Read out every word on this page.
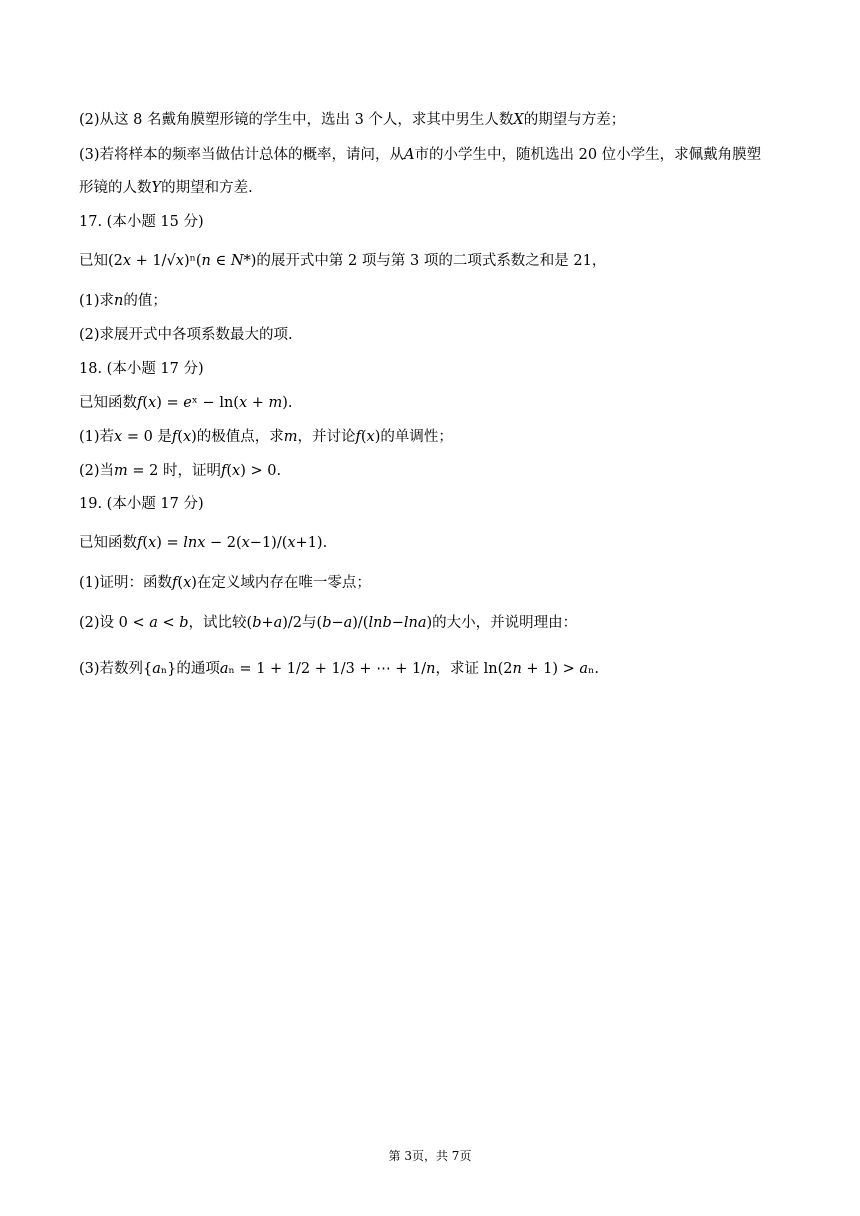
(2)从这 8 名戴角膜塑形镜的学生中，选出 3 个人，求其中男生人数𝑋的期望与方差；
(3)若将样本的频率当做估计总体的概率，请问，从𝐴市的小学生中，随机选出 20 位小学生，求佩戴角膜塑
形镜的人数𝑌的期望和方差.
17. (本小题 15 分)
已知(2𝑥 + 1/√𝑥)ⁿ(𝑛 ∈ 𝑁*)的展开式中第 2 项与第 3 项的二项式系数之和是 21，
(1)求𝑛的值；
(2)求展开式中各项系数最大的项.
18. (本小题 17 分)
已知函数𝑓(𝑥) = 𝑒ˣ − ln(𝑥 + 𝑚).
(1)若𝑥 = 0 是𝑓(𝑥)的极值点，求𝑚，并讨论𝑓(𝑥)的单调性；
(2)当𝑚 = 2 时，证明𝑓(𝑥) > 0.
19. (本小题 17 分)
已知函数𝑓(𝑥) = 𝑙𝑛𝑥 − 2(𝑥−1)/(𝑥+1).
(1)证明：函数𝑓(𝑥)在定义域内存在唯一零点；
(2)设 0 < 𝑎 < 𝑏，试比较(𝑏+𝑎)/2与(𝑏−𝑎)/(𝑙𝑛𝑏−𝑙𝑛𝑎)的大小，并说明理由：
(3)若数列{𝑎ₙ}的通项𝑎ₙ = 1 + 1/2 + 1/3 + ⋯ + 1/𝑛，求证 ln(2𝑛 + 1) > 𝑎ₙ.
第 3页，共 7页
